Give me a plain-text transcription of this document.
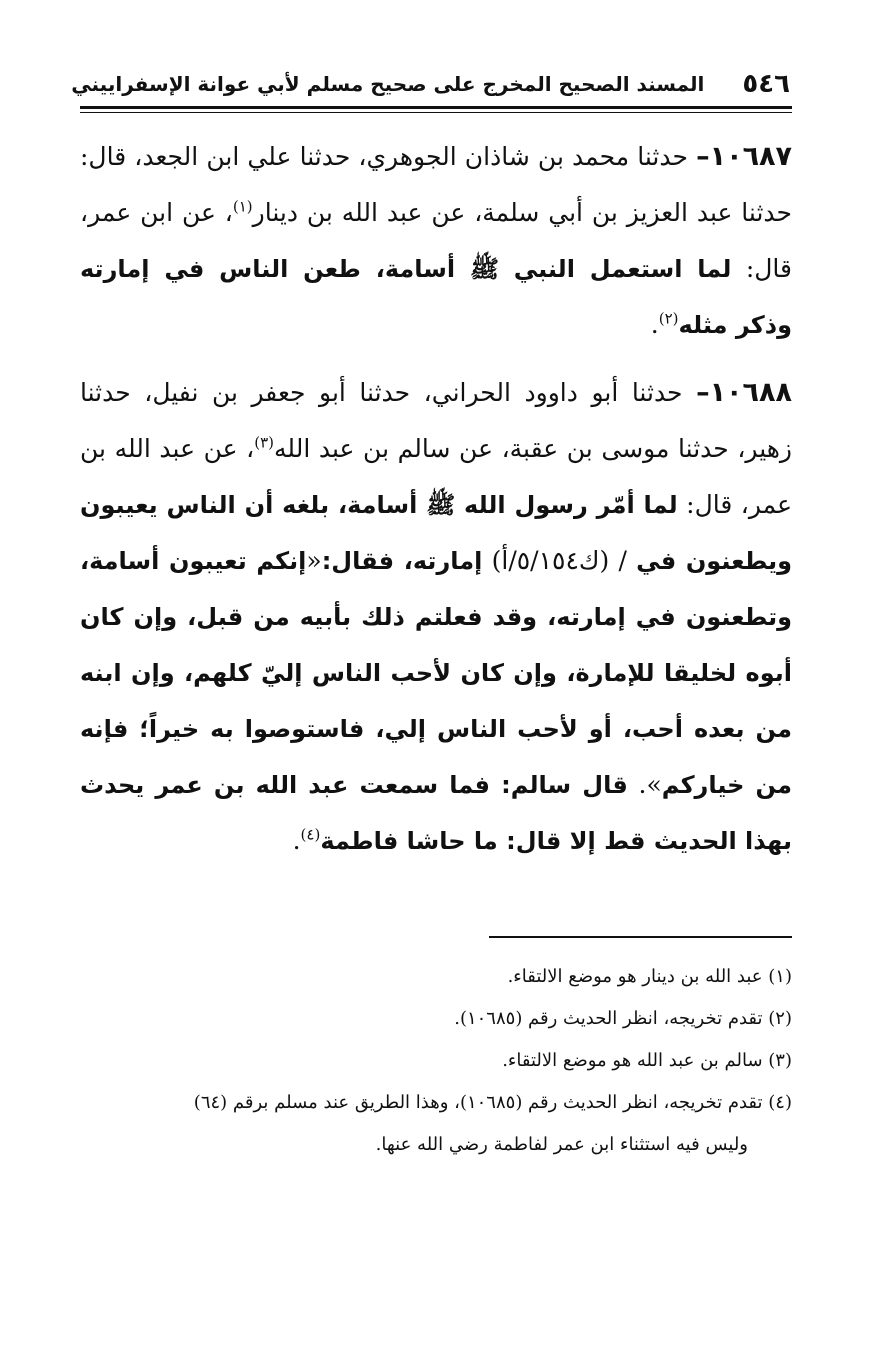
٥٤٦
المسند الصحيح المخرج على صحيح مسلم لأبي عوانة الإسفراييني

١٠٦٨٧– حدثنا محمد بن شاذان الجوهري، حدثنا علي ابن الجعد، قال: حدثنا عبد العزيز بن أبي سلمة، عن عبد الله بن دينار$^{(١)}$، عن ابن عمر، قال: لما استعمل النبي ﷺ أسامة، طعن الناس في إمارته وذكر مثله$^{(٢)}$.

١٠٦٨٨– حدثنا أبو داوود الحراني، حدثنا أبو جعفر بن نفيل، حدثنا زهير، حدثنا موسى بن عقبة، عن سالم بن عبد الله$^{(٣)}$، عن عبد الله بن عمر، قال: لما أمّر رسول الله ﷺ أسامة، بلغه أن الناس يعيبون ويطعنون في / (ك٥/١٥٤/أ) إمارته، فقال:«إنكم تعيبون أسامة، وتطعنون في إمارته، وقد فعلتم ذلك بأبيه من قبل، وإن كان أبوه لخليقا للإمارة، وإن كان لأحب الناس إليّ كلهم، وإن ابنه من بعده أحب، أو لأحب الناس إلي، فاستوصوا به خيراً؛ فإنه من خياركم». قال سالم: فما سمعت عبد الله بن عمر يحدث بهذا الحديث قط إلا قال: ما حاشا فاطمة$^{(٤)}$.

(١) عبد الله بن دينار هو موضع الالتقاء.

(٢) تقدم تخريجه، انظر الحديث رقم (١٠٦٨٥).

(٣) سالم بن عبد الله هو موضع الالتقاء.

(٤) تقدم تخريجه، انظر الحديث رقم (١٠٦٨٥)، وهذا الطريق عند مسلم برقم (٦٤)

وليس فيه استثناء ابن عمر لفاطمة رضي الله عنها.
